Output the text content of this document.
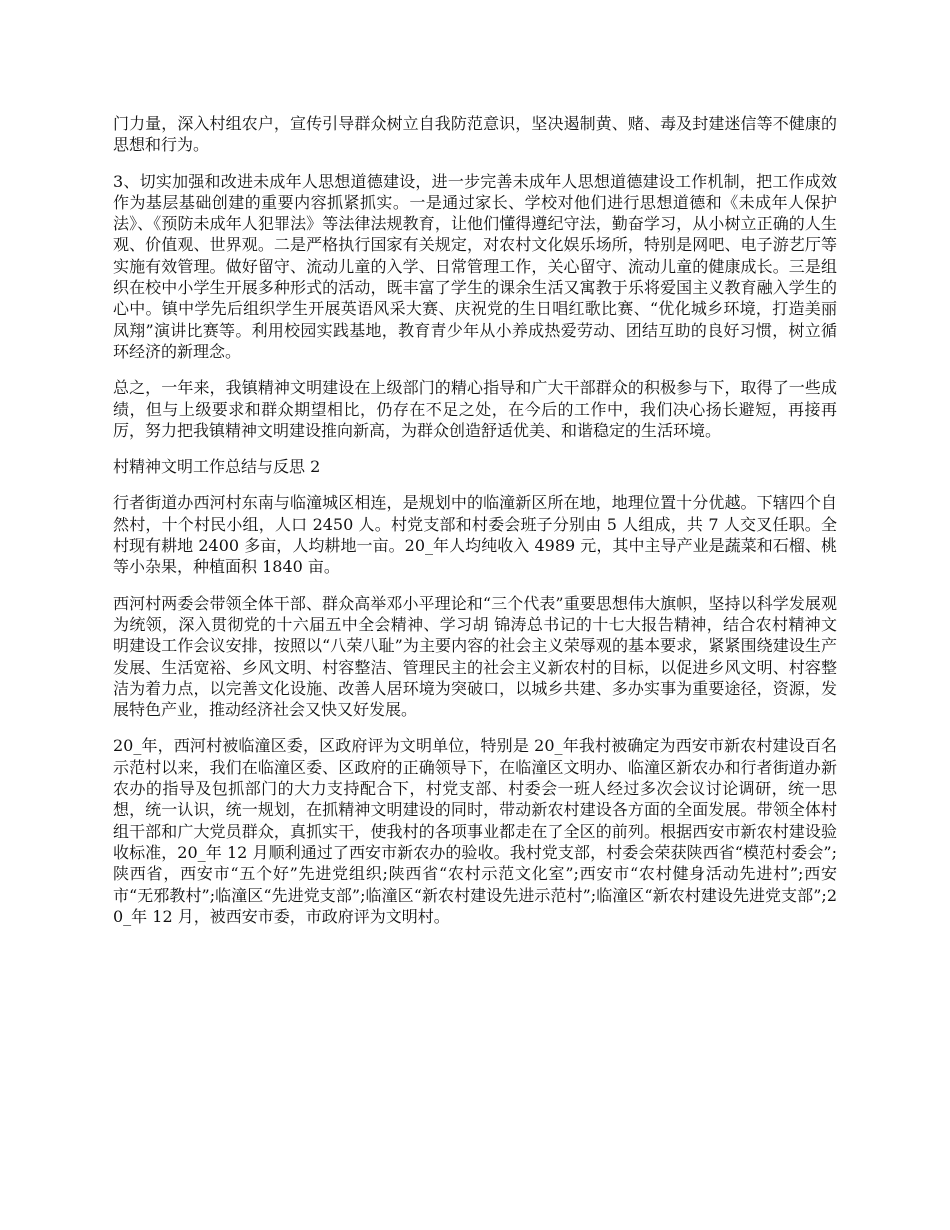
门力量，深入村组农户，宣传引导群众树立自我防范意识，坚决遏制黄、赌、毒及封建迷信等不健康的思想和行为。

3、切实加强和改进未成年人思想道德建设，进一步完善未成年人思想道德建设工作机制，把工作成效作为基层基础创建的重要内容抓紧抓实。一是通过家长、学校对他们进行思想道德和《未成年人保护法》、《预防未成年人犯罪法》等法律法规教育，让他们懂得遵纪守法，勤奋学习，从小树立正确的人生观、价值观、世界观。二是严格执行国家有关规定，对农村文化娱乐场所，特别是网吧、电子游艺厅等实施有效管理。做好留守、流动儿童的入学、日常管理工作，关心留守、流动儿童的健康成长。三是组织在校中小学生开展多种形式的活动，既丰富了学生的课余生活又寓教于乐将爱国主义教育融入学生的心中。镇中学先后组织学生开展英语风采大赛、庆祝党的生日唱红歌比赛、“优化城乡环境，打造美丽凤翔”演讲比赛等。利用校园实践基地，教育青少年从小养成热爱劳动、团结互助的良好习惯，树立循环经济的新理念。

总之，一年来，我镇精神文明建设在上级部门的精心指导和广大干部群众的积极参与下，取得了一些成绩，但与上级要求和群众期望相比，仍存在不足之处，在今后的工作中，我们决心扬长避短，再接再厉，努力把我镇精神文明建设推向新高，为群众创造舒适优美、和谐稳定的生活环境。

村精神文明工作总结与反思 2

行者街道办西河村东南与临潼城区相连，是规划中的临潼新区所在地，地理位置十分优越。下辖四个自然村，十个村民小组，人口 2450 人。村党支部和村委会班子分别由 5 人组成，共 7 人交叉任职。全村现有耕地 2400 多亩，人均耕地一亩。20_年人均纯收入 4989 元，其中主导产业是蔬菜和石榴、桃等小杂果，种植面积 1840 亩。

西河村两委会带领全体干部、群众高举邓小平理论和“三个代表”重要思想伟大旗帜，坚持以科学发展观为统领，深入贯彻党的十六届五中全会精神、学习胡 锦涛总书记的十七大报告精神，结合农村精神文明建设工作会议安排，按照以“八荣八耻”为主要内容的社会主义荣辱观的基本要求，紧紧围绕建设生产发展、生活宽裕、乡风文明、村容整洁、管理民主的社会主义新农村的目标，以促进乡风文明、村容整洁为着力点，以完善文化设施、改善人居环境为突破口，以城乡共建、多办实事为重要途径，资源，发展特色产业，推动经济社会又快又好发展。

20_年，西河村被临潼区委，区政府评为文明单位，特别是 20_年我村被确定为西安市新农村建设百名示范村以来，我们在临潼区委、区政府的正确领导下，在临潼区文明办、临潼区新农办和行者街道办新农办的指导及包抓部门的大力支持配合下，村党支部、村委会一班人经过多次会议讨论调研，统一思想，统一认识，统一规划，在抓精神文明建设的同时，带动新农村建设各方面的全面发展。带领全体村组干部和广大党员群众，真抓实干，使我村的各项事业都走在了全区的前列。根据西安市新农村建设验收标准，20_年 12 月顺利通过了西安市新农办的验收。我村党支部，村委会荣获陕西省“模范村委会”;陕西省，西安市“五个好”先进党组织;陕西省“农村示范文化室”;西安市“农村健身活动先进村”;西安市“无邪教村”;临潼区“先进党支部”;临潼区“新农村建设先进示范村”;临潼区“新农村建设先进党支部”;20_年 12 月，被西安市委，市政府评为文明村。
